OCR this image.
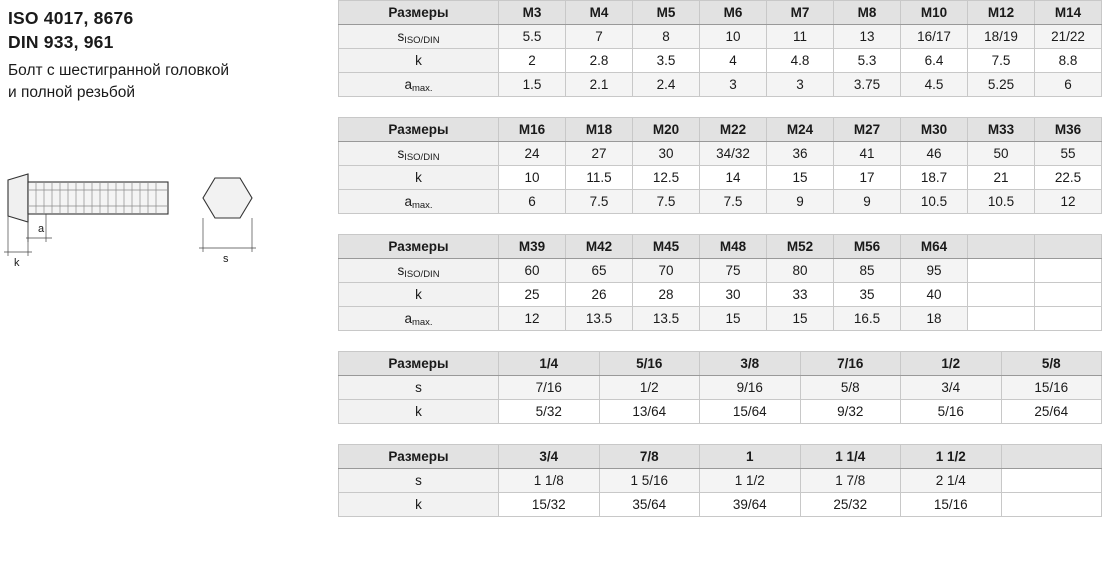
ISO 4017, 8676
DIN 933, 961
Болт с шестигранной головкой
и полной резьбой
k
a
s
Размеры	M3	M4	M5	M6	M7	M8	M10	M12	M14
sISO/DIN	5.5	7	8	10	11	13	16/17	18/19	21/22
k	2	2.8	3.5	4	4.8	5.3	6.4	7.5	8.8
amax.	1.5	2.1	2.4	3	3	3.75	4.5	5.25	6
Размеры	M16	M18	M20	M22	M24	M27	M30	M33	M36
sISO/DIN	24	27	30	34/32	36	41	46	50	55
k	10	11.5	12.5	14	15	17	18.7	21	22.5
amax.	6	7.5	7.5	7.5	9	9	10.5	10.5	12
Размеры	M39	M42	M45	M48	M52	M56	M64		
sISO/DIN	60	65	70	75	80	85	95		
k	25	26	28	30	33	35	40		
amax.	12	13.5	13.5	15	15	16.5	18		
Размеры	1/4	5/16	3/8	7/16	1/2	5/8
s	7/16	1/2	9/16	5/8	3/4	15/16
k	5/32	13/64	15/64	9/32	5/16	25/64
Размеры	3/4	7/8	1	1 1/4	1 1/2	
s	1 1/8	1 5/16	1 1/2	1 7/8	2 1/4	
k	15/32	35/64	39/64	25/32	15/16	
